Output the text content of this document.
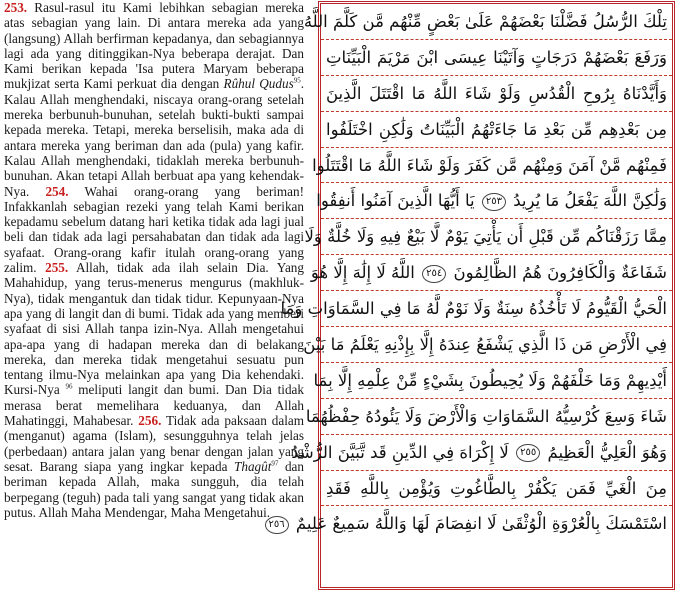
253. Rasul-rasul itu Kami lebihkan sebagian mereka atas sebagian yang lain. Di antara mereka ada yang (langsung) Allah berfirman kepadanya, dan sebagiannya lagi ada yang ditinggikan-Nya beberapa derajat. Dan Kami berikan kepada 'Isa putera Maryam beberapa mukjizat serta Kami perkuat dia dengan Rûhul Qudus$^{95}$. Kalau Allah menghendaki, niscaya orang-orang setelah mereka berbunuh-bunuhan, setelah bukti-bukti sampai kepada mereka. Tetapi, mereka berselisih, maka ada di antara mereka yang beriman dan ada (pula) yang kafir. Kalau Allah menghendaki, tidaklah mereka berbunuh-bunuhan. Akan tetapi Allah berbuat apa yang kehendak-Nya. 254. Wahai orang-orang yang beriman! Infakkanlah sebagian rezeki yang telah Kami berikan kepadamu sebelum datang hari ketika tidak ada lagi jual beli dan tidak ada lagi persahabatan dan tidak ada lagi syafaat. Orang-orang kafir itulah orang-orang yang zalim. 255. Allah, tidak ada ilah selain Dia. Yang Mahahidup, yang terus-menerus mengurus (makhluk-Nya), tidak mengantuk dan tidak tidur. Kepunyaan-Nya apa yang di langit dan di bumi. Tidak ada yang memberi syafaat di sisi Allah tanpa izin-Nya. Allah mengetahui apa-apa yang di hadapan mereka dan di belakang mereka, dan mereka tidak mengetahui sesuatu pun tentang ilmu-Nya melainkan apa yang Dia kehendaki. Kursi-Nya $^{96}$ meliputi langit dan bumi. Dan Dia tidak merasa berat memelihara keduanya, dan Allah Mahatinggi, Mahabesar. 256. Tidak ada paksaan dalam (menganut) agama (Islam), sesungguhnya telah jelas (perbedaan) antara jalan yang benar dengan jalan yang sesat. Barang siapa yang ingkar kepada Thagût$^{97}$ dan beriman kepada Allah, maka sungguh, dia telah berpegang (teguh) pada tali yang sangat yang tidak akan putus. Allah Maha Mendengar, Maha Mengetahui.
تِلْكَ الرُّسُلُ فَضَّلْنَا بَعْضَهُمْ عَلَىٰ بَعْضٍ مِّنْهُم مَّن كَلَّمَ اللَّهُ
وَرَفَعَ بَعْضَهُمْ دَرَجَاتٍ وَآتَيْنَا عِيسَى ابْنَ مَرْيَمَ الْبَيِّنَاتِ
وَأَيَّدْنَاهُ بِرُوحِ الْقُدُسِ وَلَوْ شَاءَ اللَّهُ مَا اقْتَتَلَ الَّذِينَ
مِن بَعْدِهِم مِّن بَعْدِ مَا جَاءَتْهُمُ الْبَيِّنَاتُ وَلَٰكِنِ اخْتَلَفُوا
فَمِنْهُم مَّنْ آمَنَ وَمِنْهُم مَّن كَفَرَ وَلَوْ شَاءَ اللَّهُ مَا اقْتَتَلُوا
وَلَٰكِنَّ اللَّهَ يَفْعَلُ مَا يُرِيدُ ٢٥٣ يَا أَيُّهَا الَّذِينَ آمَنُوا أَنفِقُوا
مِمَّا رَزَقْنَاكُم مِّن قَبْلِ أَن يَأْتِيَ يَوْمٌ لَّا بَيْعٌ فِيهِ وَلَا خُلَّةٌ وَلَا
شَفَاعَةٌ وَالْكَافِرُونَ هُمُ الظَّالِمُونَ ٢٥٤ اللَّهُ لَا إِلَٰهَ إِلَّا هُوَ
الْحَيُّ الْقَيُّومُ لَا تَأْخُذُهُ سِنَةٌ وَلَا نَوْمٌ لَّهُ مَا فِي السَّمَاوَاتِ وَمَا
فِي الْأَرْضِ مَن ذَا الَّذِي يَشْفَعُ عِندَهُ إِلَّا بِإِذْنِهِ يَعْلَمُ مَا بَيْنَ
أَيْدِيهِمْ وَمَا خَلْفَهُمْ وَلَا يُحِيطُونَ بِشَيْءٍ مِّنْ عِلْمِهِ إِلَّا بِمَا
شَاءَ وَسِعَ كُرْسِيُّهُ السَّمَاوَاتِ وَالْأَرْضَ وَلَا يَئُودُهُ حِفْظُهُمَا
وَهُوَ الْعَلِيُّ الْعَظِيمُ ٢٥٥ لَا إِكْرَاهَ فِي الدِّينِ قَد تَّبَيَّنَ الرُّشْدُ
مِنَ الْغَيِّ فَمَن يَكْفُرْ بِالطَّاغُوتِ وَيُؤْمِن بِاللَّهِ فَقَدِ
اسْتَمْسَكَ بِالْعُرْوَةِ الْوُثْقَىٰ لَا انفِصَامَ لَهَا وَاللَّهُ سَمِيعٌ عَلِيمٌ ٢٥٦
